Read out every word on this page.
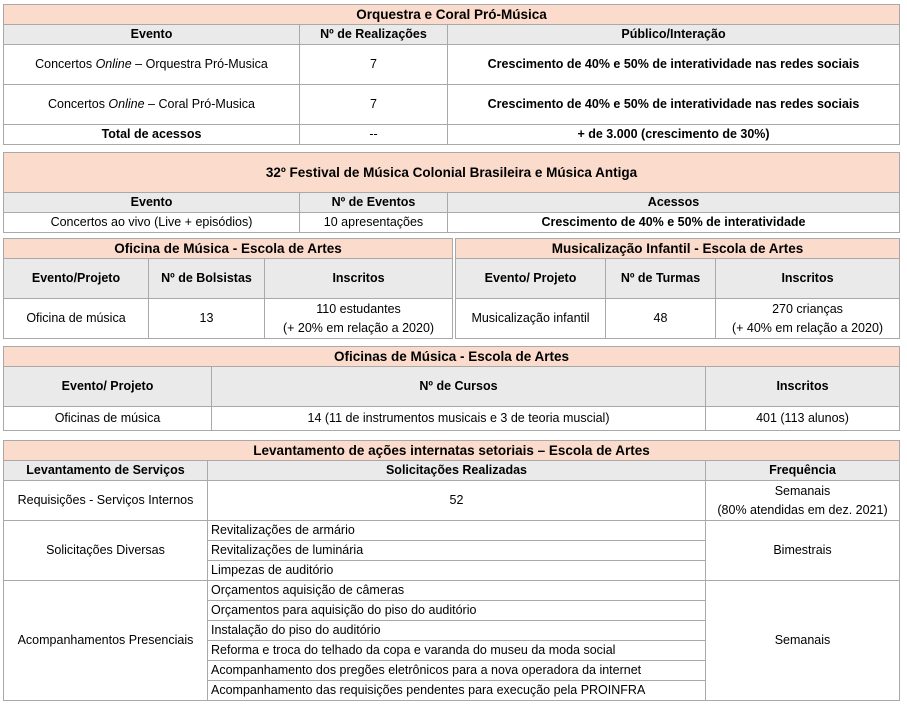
Orquestra e Coral Pró-Música		
Evento	Nº de Realizações	Público/Interação
Concertos Online – Orquestra Pró-Musica	7	Crescimento de 40% e 50% de interatividade nas redes sociais
Concertos Online – Coral Pró-Musica	7	Crescimento de 40% e 50% de interatividade nas redes sociais
Total de acessos	--	+ de 3.000 (crescimento de 30%)
32º Festival de Música Colonial Brasileira e Música Antiga		
Evento	Nº de Eventos	Acessos
Concertos ao vivo (Live + episódios)	10 apresentações	Crescimento de 40% e 50% de interatividade
Oficina de Música - Escola de Artes		
Evento/Projeto	Nº de Bolsistas	Inscritos
Oficina de música	13	110 estudantes
(+ 20% em relação a 2020)
Musicalização Infantil - Escola de Artes		
Evento/ Projeto	Nº de Turmas	Inscritos
Musicalização infantil	48	270 crianças
(+ 40% em relação a 2020)
Oficinas de Música - Escola de Artes		
Evento/ Projeto	Nº de Cursos	Inscritos
Oficinas de música	14 (11 de instrumentos musicais e 3 de teoria muscial)	401 (113 alunos)
Levantamento de ações internatas setoriais – Escola de Artes		
Levantamento de Serviços	Solicitações Realizadas	Frequência
Requisições - Serviços Internos	52	Semanais
(80% atendidas em dez. 2021)

Solicitações Diversas	Revitalizações de armário	Bimestrais
	Revitalizações de luminária	
	Limpezas de auditório	
Acompanhamentos Presenciais	Orçamentos aquisição de câmeras	Semanais
	Orçamentos para aquisição do piso do auditório	
	Instalação do piso do auditório	
	Reforma e troca do telhado da copa e varanda do museu da moda social	
	Acompanhamento dos pregões eletrônicos para a nova operadora da internet	
	Acompanhamento das requisições pendentes para execução pela PROINFRA	
